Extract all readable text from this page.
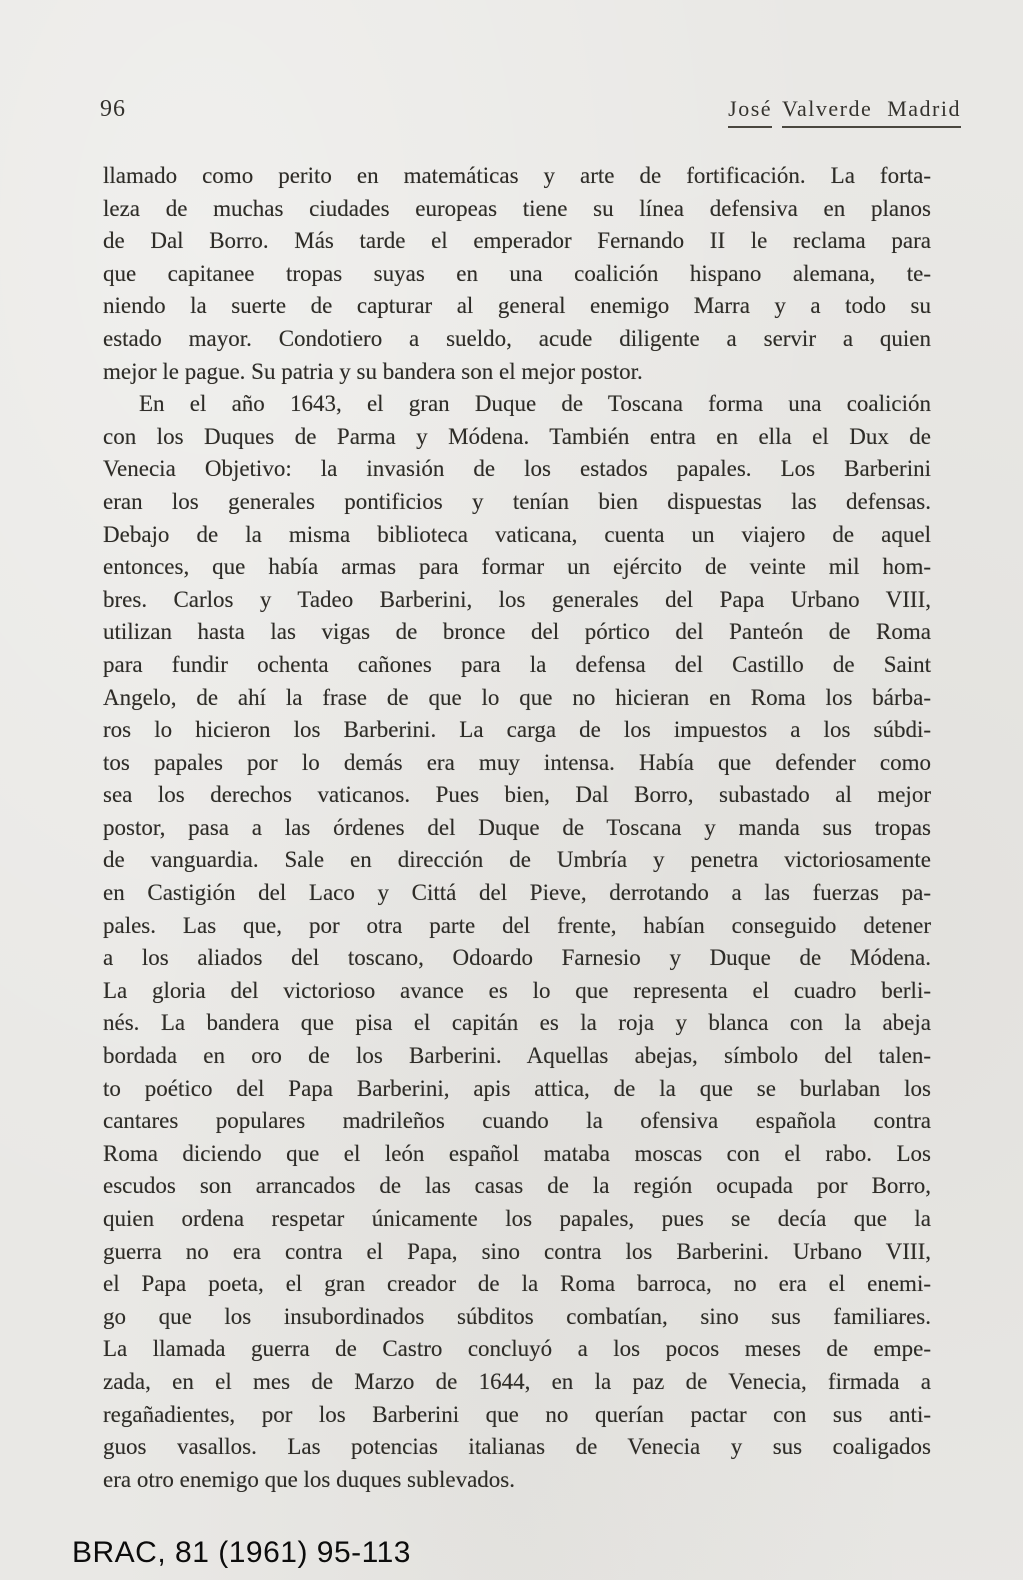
96	José Valverde Madrid
llamado como perito en matemáticas y arte de fortificación. La forta-
leza de muchas ciudades europeas tiene su línea defensiva en planos
de Dal Borro. Más tarde el emperador Fernando II le reclama para
que capitanee tropas suyas en una coalición hispano alemana, te-
niendo la suerte de capturar al general enemigo Marra y a todo su
estado mayor. Condotiero a sueldo, acude diligente a servir a quien
mejor le pague. Su patria y su bandera son el mejor postor.
En el año 1643, el gran Duque de Toscana forma una coalición
con los Duques de Parma y Módena. También entra en ella el Dux de
Venecia Objetivo: la invasión de los estados papales. Los Barberini
eran los generales pontificios y tenían bien dispuestas las defensas.
Debajo de la misma biblioteca vaticana, cuenta un viajero de aquel
entonces, que había armas para formar un ejército de veinte mil hom-
bres. Carlos y Tadeo Barberini, los generales del Papa Urbano VIII,
utilizan hasta las vigas de bronce del pórtico del Panteón de Roma
para fundir ochenta cañones para la defensa del Castillo de Saint
Angelo, de ahí la frase de que lo que no hicieran en Roma los bárba-
ros lo hicieron los Barberini. La carga de los impuestos a los súbdi-
tos papales por lo demás era muy intensa. Había que defender como
sea los derechos vaticanos. Pues bien, Dal Borro, subastado al mejor
postor, pasa a las órdenes del Duque de Toscana y manda sus tropas
de vanguardia. Sale en dirección de Umbría y penetra victoriosamente
en Castigión del Laco y Cittá del Pieve, derrotando a las fuerzas pa-
pales. Las que, por otra parte del frente, habían conseguido detener
a los aliados del toscano, Odoardo Farnesio y Duque de Módena.
La gloria del victorioso avance es lo que representa el cuadro berli-
nés. La bandera que pisa el capitán es la roja y blanca con la abeja
bordada en oro de los Barberini. Aquellas abejas, símbolo del talen-
to poético del Papa Barberini, apis attica, de la que se burlaban los
cantares populares madrileños cuando la ofensiva española contra
Roma diciendo que el león español mataba moscas con el rabo. Los
escudos son arrancados de las casas de la región ocupada por Borro,
quien ordena respetar únicamente los papales, pues se decía que la
guerra no era contra el Papa, sino contra los Barberini. Urbano VIII,
el Papa poeta, el gran creador de la Roma barroca, no era el enemi-
go que los insubordinados súbditos combatían, sino sus familiares.
La llamada guerra de Castro concluyó a los pocos meses de empe-
zada, en el mes de Marzo de 1644, en la paz de Venecia, firmada a
regañadientes, por los Barberini que no querían pactar con sus anti-
guos vasallos. Las potencias italianas de Venecia y sus coaligados
era otro enemigo que los duques sublevados.
BRAC, 81 (1961) 95-113
